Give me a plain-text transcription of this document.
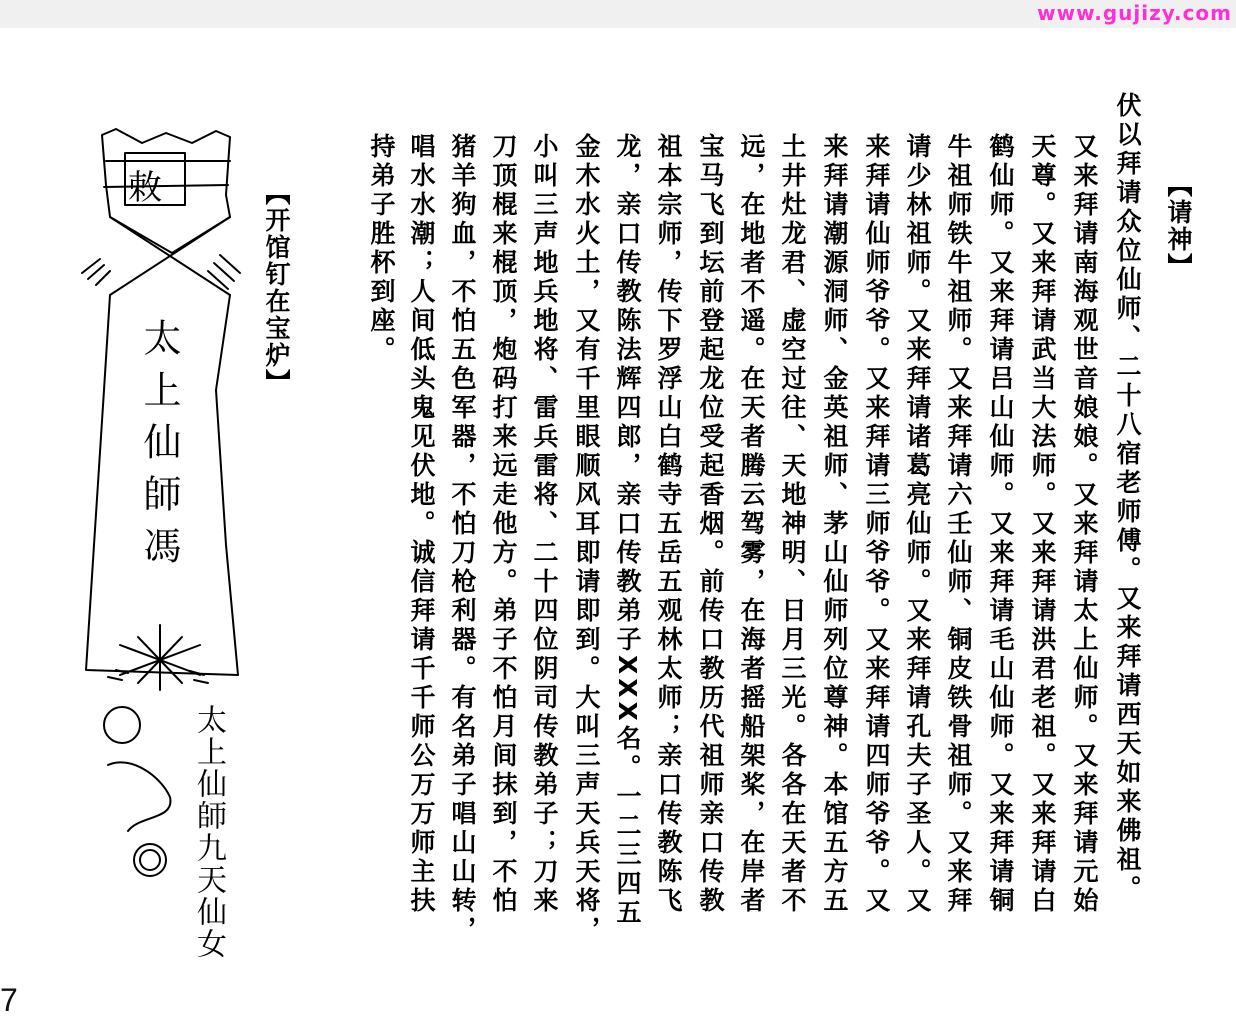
www.gujizy.com
7
【请神】
伏以拜请众位仙师、二十八宿老师傅。又来拜请西天如来佛祖。
又来拜请南海观世音娘娘。又来拜请太上仙师。又来拜请元始
天尊。又来拜请武当大法师。又来拜请洪君老祖。又来拜请白
鹤仙师。又来拜请吕山仙师。又来拜请毛山仙师。又来拜请铜
牛祖师铁牛祖师。又来拜请六壬仙师、铜皮铁骨祖师。又来拜
请少林祖师。又来拜请诸葛亮仙师。又来拜请孔夫子圣人。又
来拜请仙师爷爷。又来拜请三师爷爷。又来拜请四师爷爷。又
来拜请潮源洞师、金英祖师、茅山仙师列位尊神。本馆五方五
土井灶龙君、虚空过往、天地神明、日月三光。各各在天者不
远，在地者不遥。在天者腾云驾雾，在海者摇船架桨，在岸者
宝马飞到坛前登起龙位受起香烟。前传口教历代祖师亲口传教
祖本宗师，传下罗浮山白鹤寺五岳五观林太师；亲口传教陈飞
龙，亲口传教陈法辉四郎，亲口传教弟子XXX名。一二三四五
金木水火土，又有千里眼顺风耳即请即到。大叫三声天兵天将，
小叫三声地兵地将、雷兵雷将、二十四位阴司传教弟子；刀来
刀顶棍来棍顶，炮码打来远走他方。弟子不怕月间抹到，不怕
猪羊狗血，不怕五色军器，不怕刀枪利器。有名弟子唱山山转，
唱水水潮；人间低头鬼见伏地。诚信拜请千千师公万万师主扶
持弟子胜杯到座。
【开馆钉在宝炉】
敕
太上仙師馮
太上仙師九天仙女
